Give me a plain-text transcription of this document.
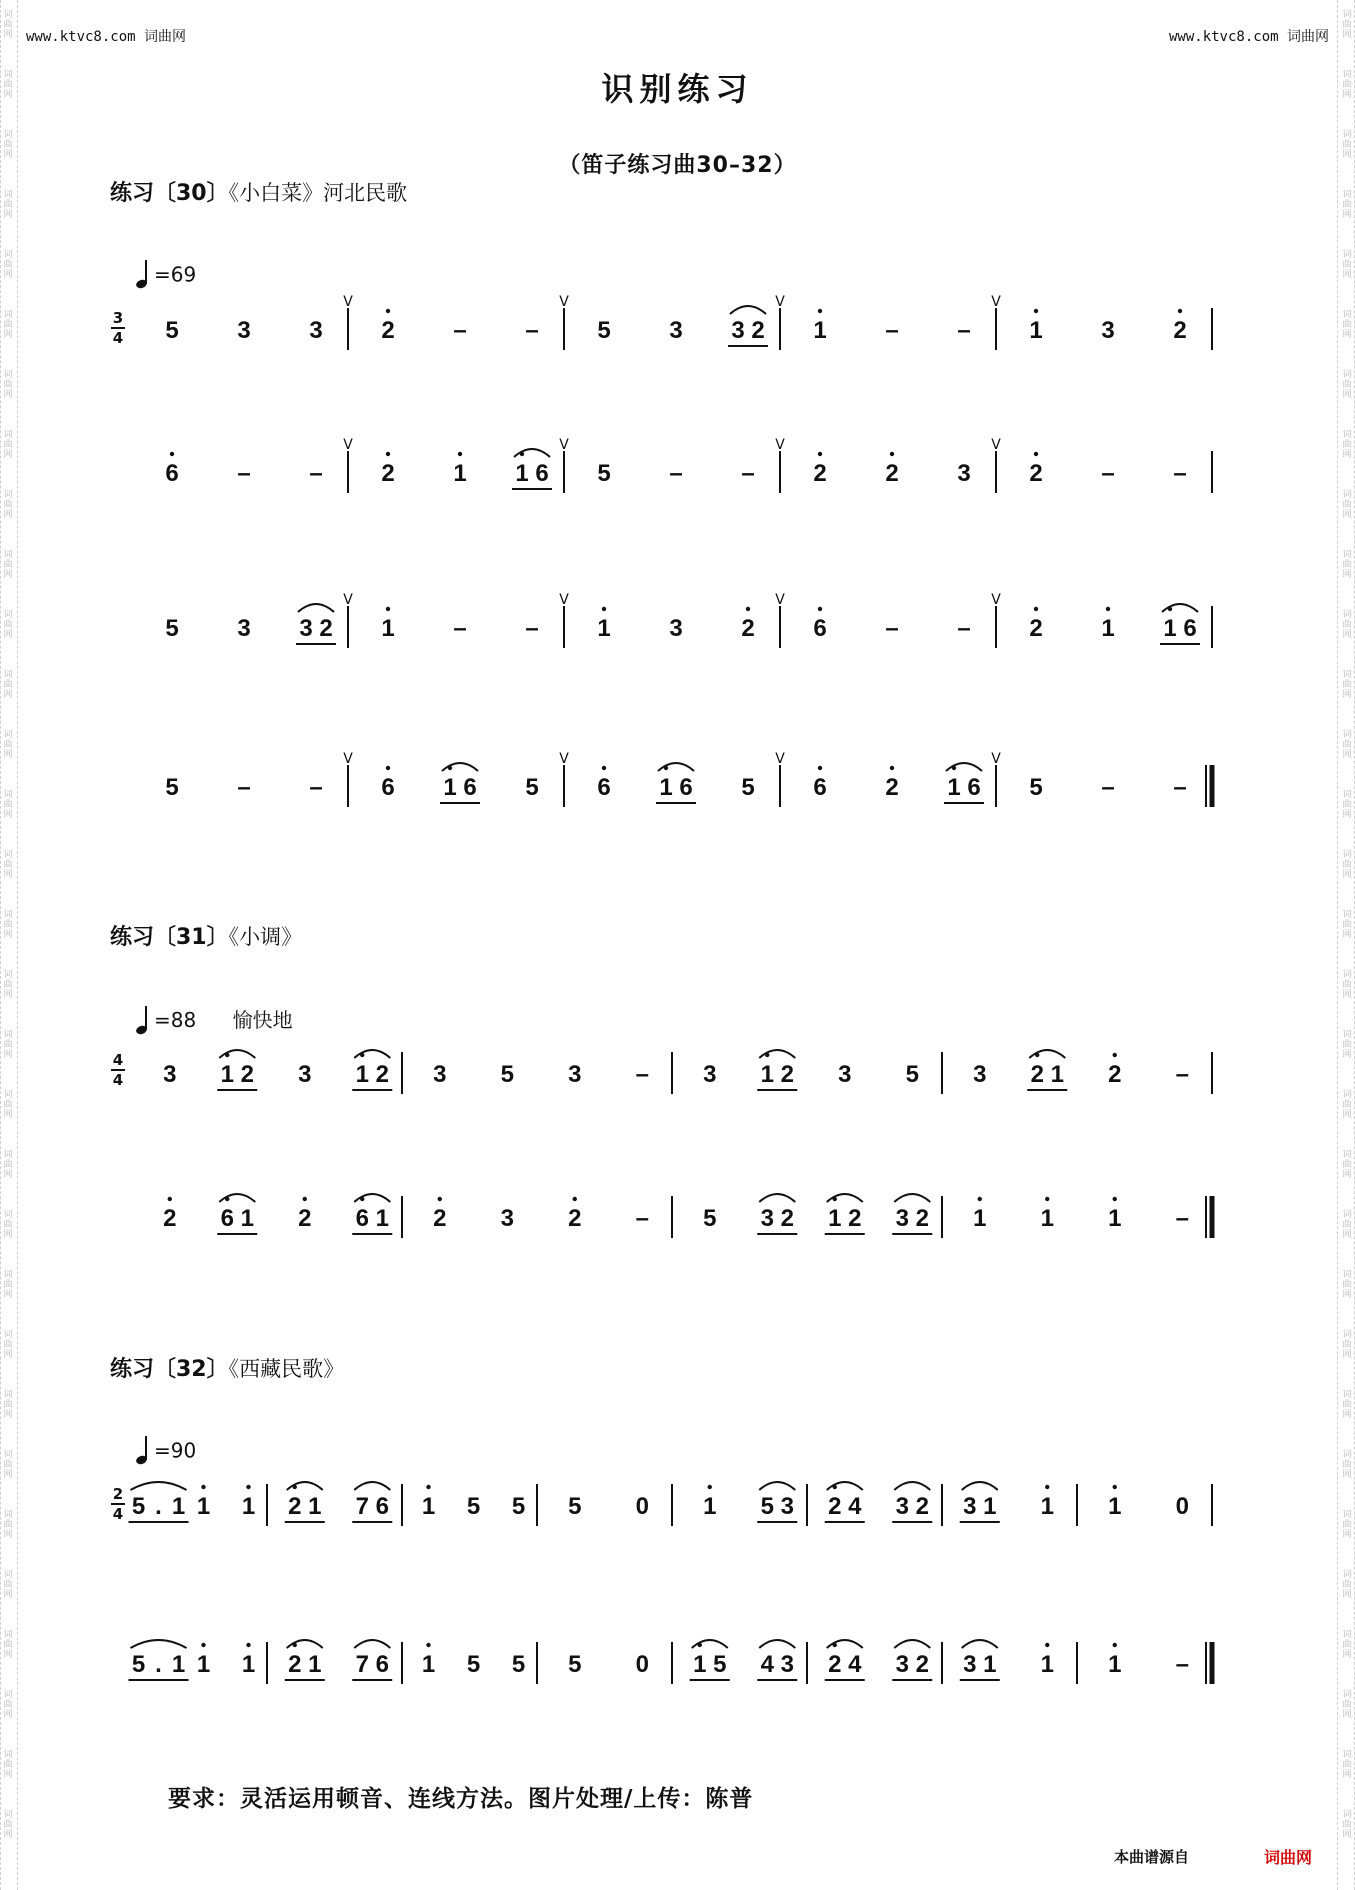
词
曲
网
词
曲
网
词
曲
网
词
曲
网
词
曲
网
词
曲
网
词
曲
网
词
曲
网
词
曲
网
词
曲
网
词
曲
网
词
曲
网
词
曲
网
词
曲
网
词
曲
网
词
曲
网
词
曲
网
词
曲
网
词
曲
网
词
曲
网
词
曲
网
词
曲
网
词
曲
网
词
曲
网
词
曲
网
词
曲
网
词
曲
网
词
曲
网
词
曲
网
词
曲
网
词
曲
网
词
曲
网
词
曲
网
词
曲
网
词
曲
网
词
曲
网
词
曲
网
词
曲
网
词
曲
网
词
曲
网
词
曲
网
词
曲
网
词
曲
网
词
曲
网
词
曲
网
词
曲
网
词
曲
网
词
曲
网
词
曲
网
词
曲
网
词
曲
网
词
曲
网
词
曲
网
词
曲
网
词
曲
网
词
曲
网
词
曲
网
词
曲
网
词
曲
网
词
曲
网
词
曲
网
词
曲
网
www.ktvc8.com 词曲网	www.ktvc8.com 词曲网
识别练习
（笛子练习曲30–32）
练习〔30〕《小白菜》河北民歌
=69
3
4
练习〔31〕《小调》
=88 愉快地
4
4
练习〔32〕《西藏民歌》
=90
2
4
5 3 3 2 – –
V
5 3 3 2
V
1 – –
V
1 3 2
V
6 – – 2 1 1 6
V
5 – –
V
2 2 3
V
2 – –
V
5 3 3 2 1 – –
V
1 3 2
V
6 – –
V
2 1 1 6
V
5 – – 6 1 6 5
V
6 1 6 5
V
6 2 1 6
V
5 – –
V
3 1 2 3 1 2 3 5 3 – 3 1 2 3 5 3 2 1 2 –
2 6 1 2 6 1 2 3 2 – 5 3 2 1 2 3 2 1 1 1 –
5 . 1 1 1 2 1 7 6 1 5 5 5 0 1 5 3 2 4 3 2 3 1 1 1 0
5 . 1 1 1 2 1 7 6 1 5 5 5 0 1 5 4 3 2 4 3 2 3 1 1 1 –
要求：灵活运用顿音、连线方法。图片处理/上传：陈普
本曲谱源自	词曲网
